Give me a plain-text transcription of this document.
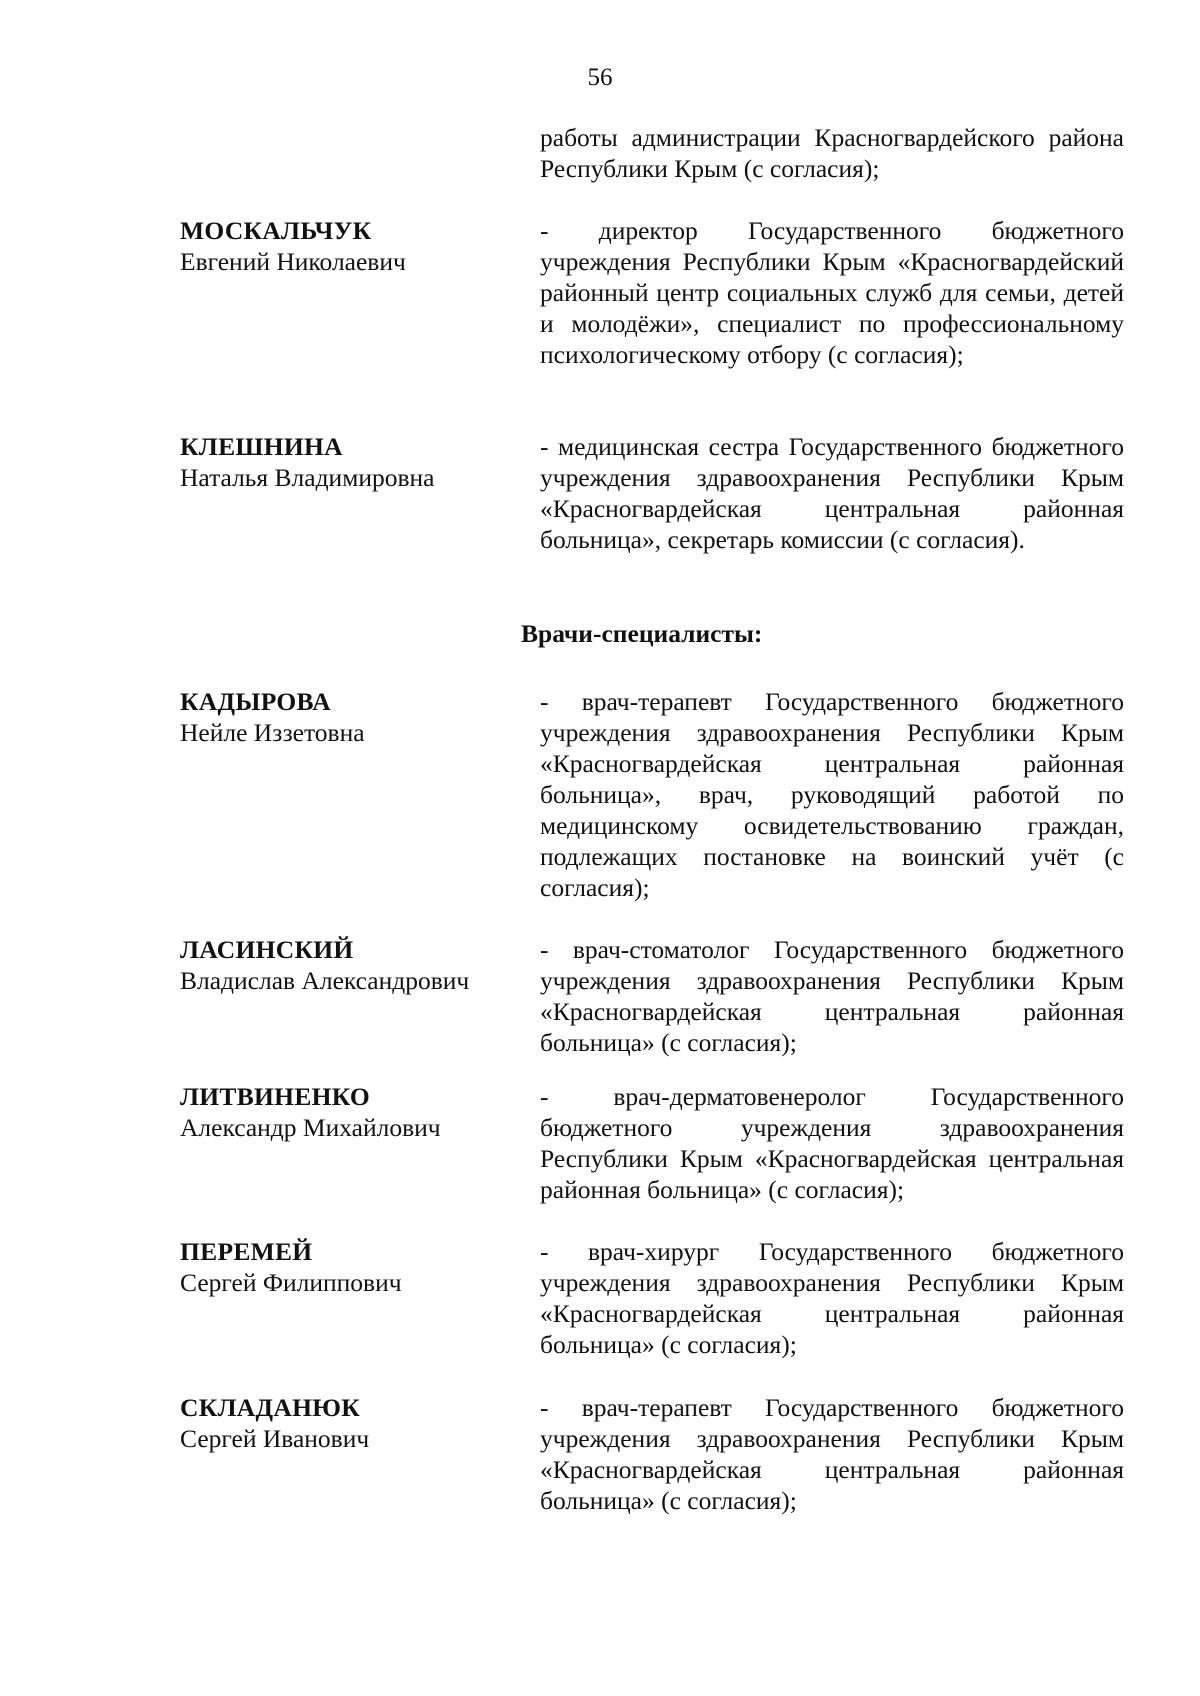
56
работы администрации Красногвардейского района Республики Крым (с согласия);
МОСКАЛЬЧУК
Евгений Николаевич
- директор Государственного бюджетного учреждения Республики Крым «Красногвардейский районный центр социальных служб для семьи, детей и молодёжи», специалист по профессиональному психологическому отбору (с согласия);
КЛЕШНИНА
Наталья Владимировна
- медицинская сестра Государственного бюджетного учреждения здравоохранения Республики Крым «Красногвардейская центральная районная больница», секретарь комиссии (с согласия).
Врачи-специалисты:
КАДЫРОВА
Нейле Иззетовна
- врач-терапевт Государственного бюджетного учреждения здравоохранения Республики Крым «Красногвардейская центральная районная больница», врач, руководящий работой по медицинскому освидетельствованию граждан, подлежащих постановке на воинский учёт (с согласия);
ЛАСИНСКИЙ
Владислав Александрович
- врач-стоматолог Государственного бюджетного учреждения здравоохранения Республики Крым «Красногвардейская центральная районная больница» (с согласия);
ЛИТВИНЕНКО
Александр Михайлович
- врач-дерматовенеролог Государственного бюджетного учреждения здравоохранения Республики Крым «Красногвардейская центральная районная больница» (с согласия);
ПЕРЕМЕЙ
Сергей Филиппович
- врач-хирург Государственного бюджетного учреждения здравоохранения Республики Крым «Красногвардейская центральная районная больница» (с согласия);
СКЛАДАНЮК
Сергей Иванович
- врач-терапевт Государственного бюджетного учреждения здравоохранения Республики Крым «Красногвардейская центральная районная больница» (с согласия);
